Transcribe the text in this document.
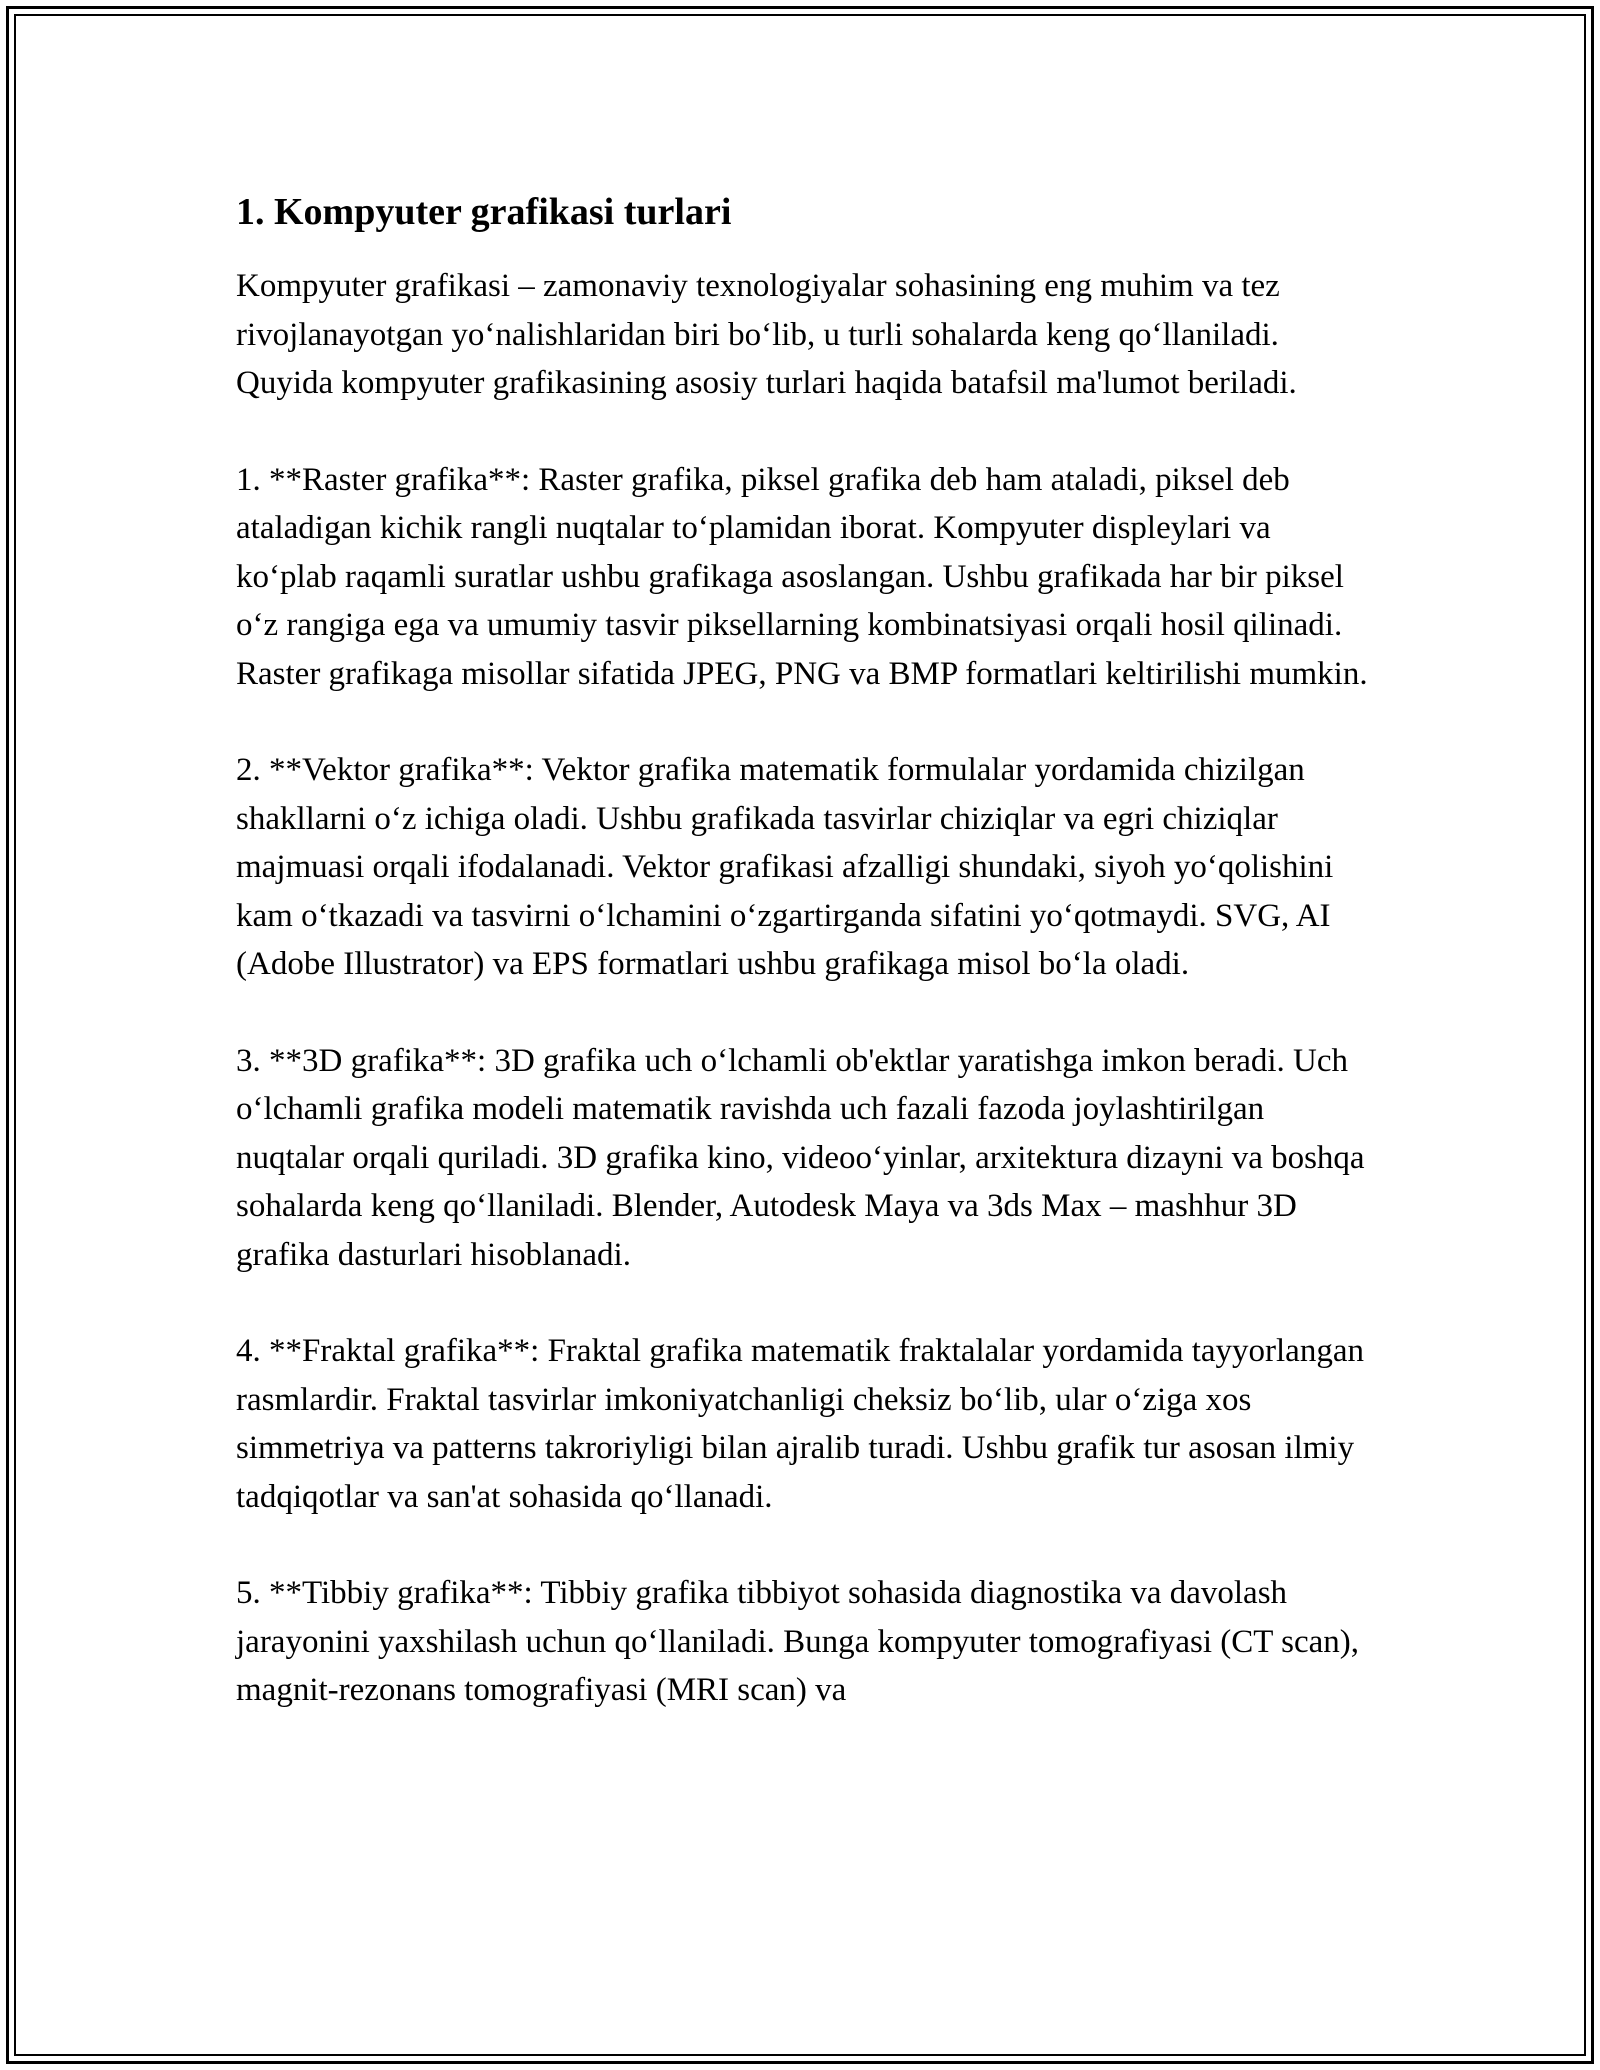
1. Kompyuter grafikasi turlari

Kompyuter grafikasi – zamonaviy texnologiyalar sohasining eng muhim va tez rivojlanayotgan yo‘nalishlaridan biri bo‘lib, u turli sohalarda keng qo‘llaniladi. Quyida kompyuter grafikasining asosiy turlari haqida batafsil ma'lumot beriladi.

1. **Raster grafika**: Raster grafika, piksel grafika deb ham ataladi, piksel deb ataladigan kichik rangli nuqtalar to‘plamidan iborat. Kompyuter displeylari va ko‘plab raqamli suratlar ushbu grafikaga asoslangan. Ushbu grafikada har bir piksel o‘z rangiga ega va umumiy tasvir piksellarning kombinatsiyasi orqali hosil qilinadi. Raster grafikaga misollar sifatida JPEG, PNG va BMP formatlari keltirilishi mumkin.

2. **Vektor grafika**: Vektor grafika matematik formulalar yordamida chizilgan shakllarni o‘z ichiga oladi. Ushbu grafikada tasvirlar chiziqlar va egri chiziqlar majmuasi orqali ifodalanadi. Vektor grafikasi afzalligi shundaki, siyoh yo‘qolishini kam o‘tkazadi va tasvirni o‘lchamini o‘zgartirganda sifatini yo‘qotmaydi. SVG, AI (Adobe Illustrator) va EPS formatlari ushbu grafikaga misol bo‘la oladi.

3. **3D grafika**: 3D grafika uch o‘lchamli ob'ektlar yaratishga imkon beradi. Uch o‘lchamli grafika modeli matematik ravishda uch fazali fazoda joylashtirilgan nuqtalar orqali quriladi. 3D grafika kino, videoo‘yinlar, arxitektura dizayni va boshqa sohalarda keng qo‘llaniladi. Blender, Autodesk Maya va 3ds Max – mashhur 3D grafika dasturlari hisoblanadi.

4. **Fraktal grafika**: Fraktal grafika matematik fraktalalar yordamida tayyorlangan rasmlardir. Fraktal tasvirlar imkoniyatchanligi cheksiz bo‘lib, ular o‘ziga xos simmetriya va patterns takroriyligi bilan ajralib turadi. Ushbu grafik tur asosan ilmiy tadqiqotlar va san'at sohasida qo‘llanadi.

5. **Tibbiy grafika**: Tibbiy grafika tibbiyot sohasida diagnostika va davolash jarayonini yaxshilash uchun qo‘llaniladi. Bunga kompyuter tomografiyasi (CT scan), magnit-rezonans tomografiyasi (MRI scan) va
